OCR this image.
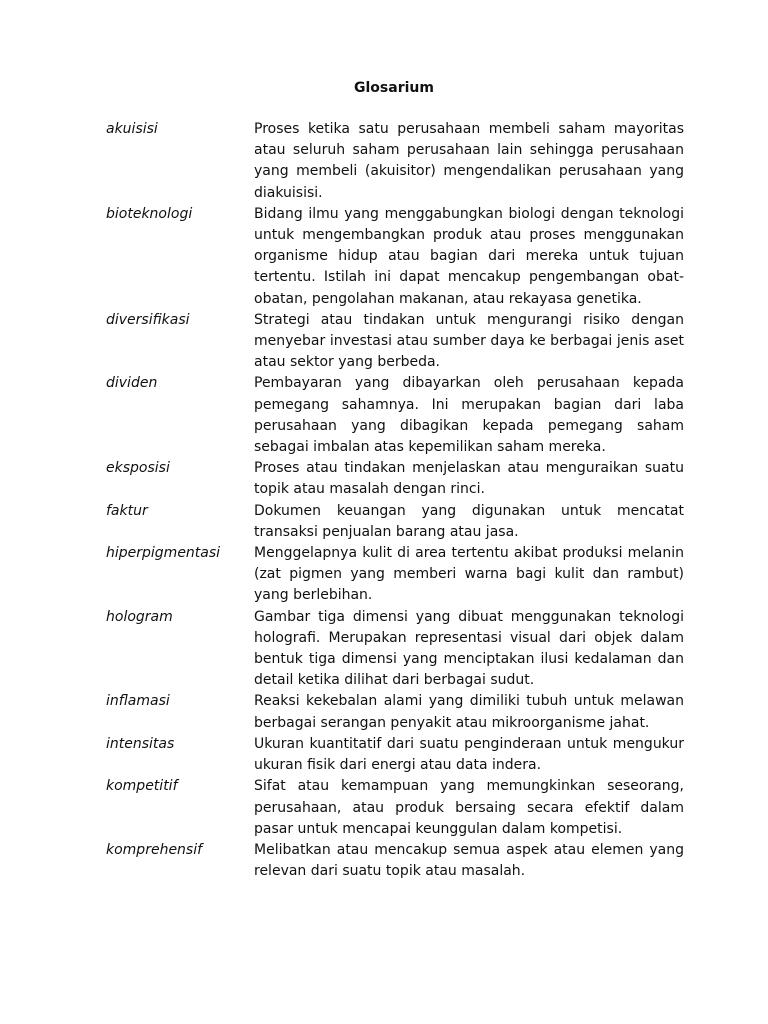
Glosarium
akuisisi	Proses ketika satu perusahaan membeli saham mayoritas atau seluruh saham perusahaan lain sehingga perusahaan yang membeli (akuisitor) mengendalikan perusahaan yang diakuisisi.
bioteknologi	Bidang ilmu yang menggabungkan biologi dengan teknologi untuk mengembangkan produk atau proses menggunakan organisme hidup atau bagian dari mereka untuk tujuan tertentu. Istilah ini dapat mencakup pengembangan obat-obatan, pengolahan makanan, atau rekayasa genetika.
diversifikasi	Strategi atau tindakan untuk mengurangi risiko dengan menyebar investasi atau sumber daya ke berbagai jenis aset atau sektor yang berbeda.
dividen	Pembayaran yang dibayarkan oleh perusahaan kepada pemegang sahamnya. Ini merupakan bagian dari laba perusahaan yang dibagikan kepada pemegang saham sebagai imbalan atas kepemilikan saham mereka.
eksposisi	Proses atau tindakan menjelaskan atau menguraikan suatu topik atau masalah dengan rinci.
faktur	Dokumen keuangan yang digunakan untuk mencatat transaksi penjualan barang atau jasa.
hiperpigmentasi	Menggelapnya kulit di area tertentu akibat produksi melanin (zat pigmen yang memberi warna bagi kulit dan rambut) yang berlebihan.
hologram	Gambar tiga dimensi yang dibuat menggunakan teknologi holografi. Merupakan representasi visual dari objek dalam bentuk tiga dimensi yang menciptakan ilusi kedalaman dan detail ketika dilihat dari berbagai sudut.
inflamasi	Reaksi kekebalan alami yang dimiliki tubuh untuk melawan berbagai serangan penyakit atau mikroorganisme jahat.
intensitas	Ukuran kuantitatif dari suatu penginderaan untuk mengukur ukuran fisik dari energi atau data indera.
kompetitif	Sifat atau kemampuan yang memungkinkan seseorang, perusahaan, atau produk bersaing secara efektif dalam pasar untuk mencapai keunggulan dalam kompetisi.
komprehensif	Melibatkan atau mencakup semua aspek atau elemen yang relevan dari suatu topik atau masalah.
